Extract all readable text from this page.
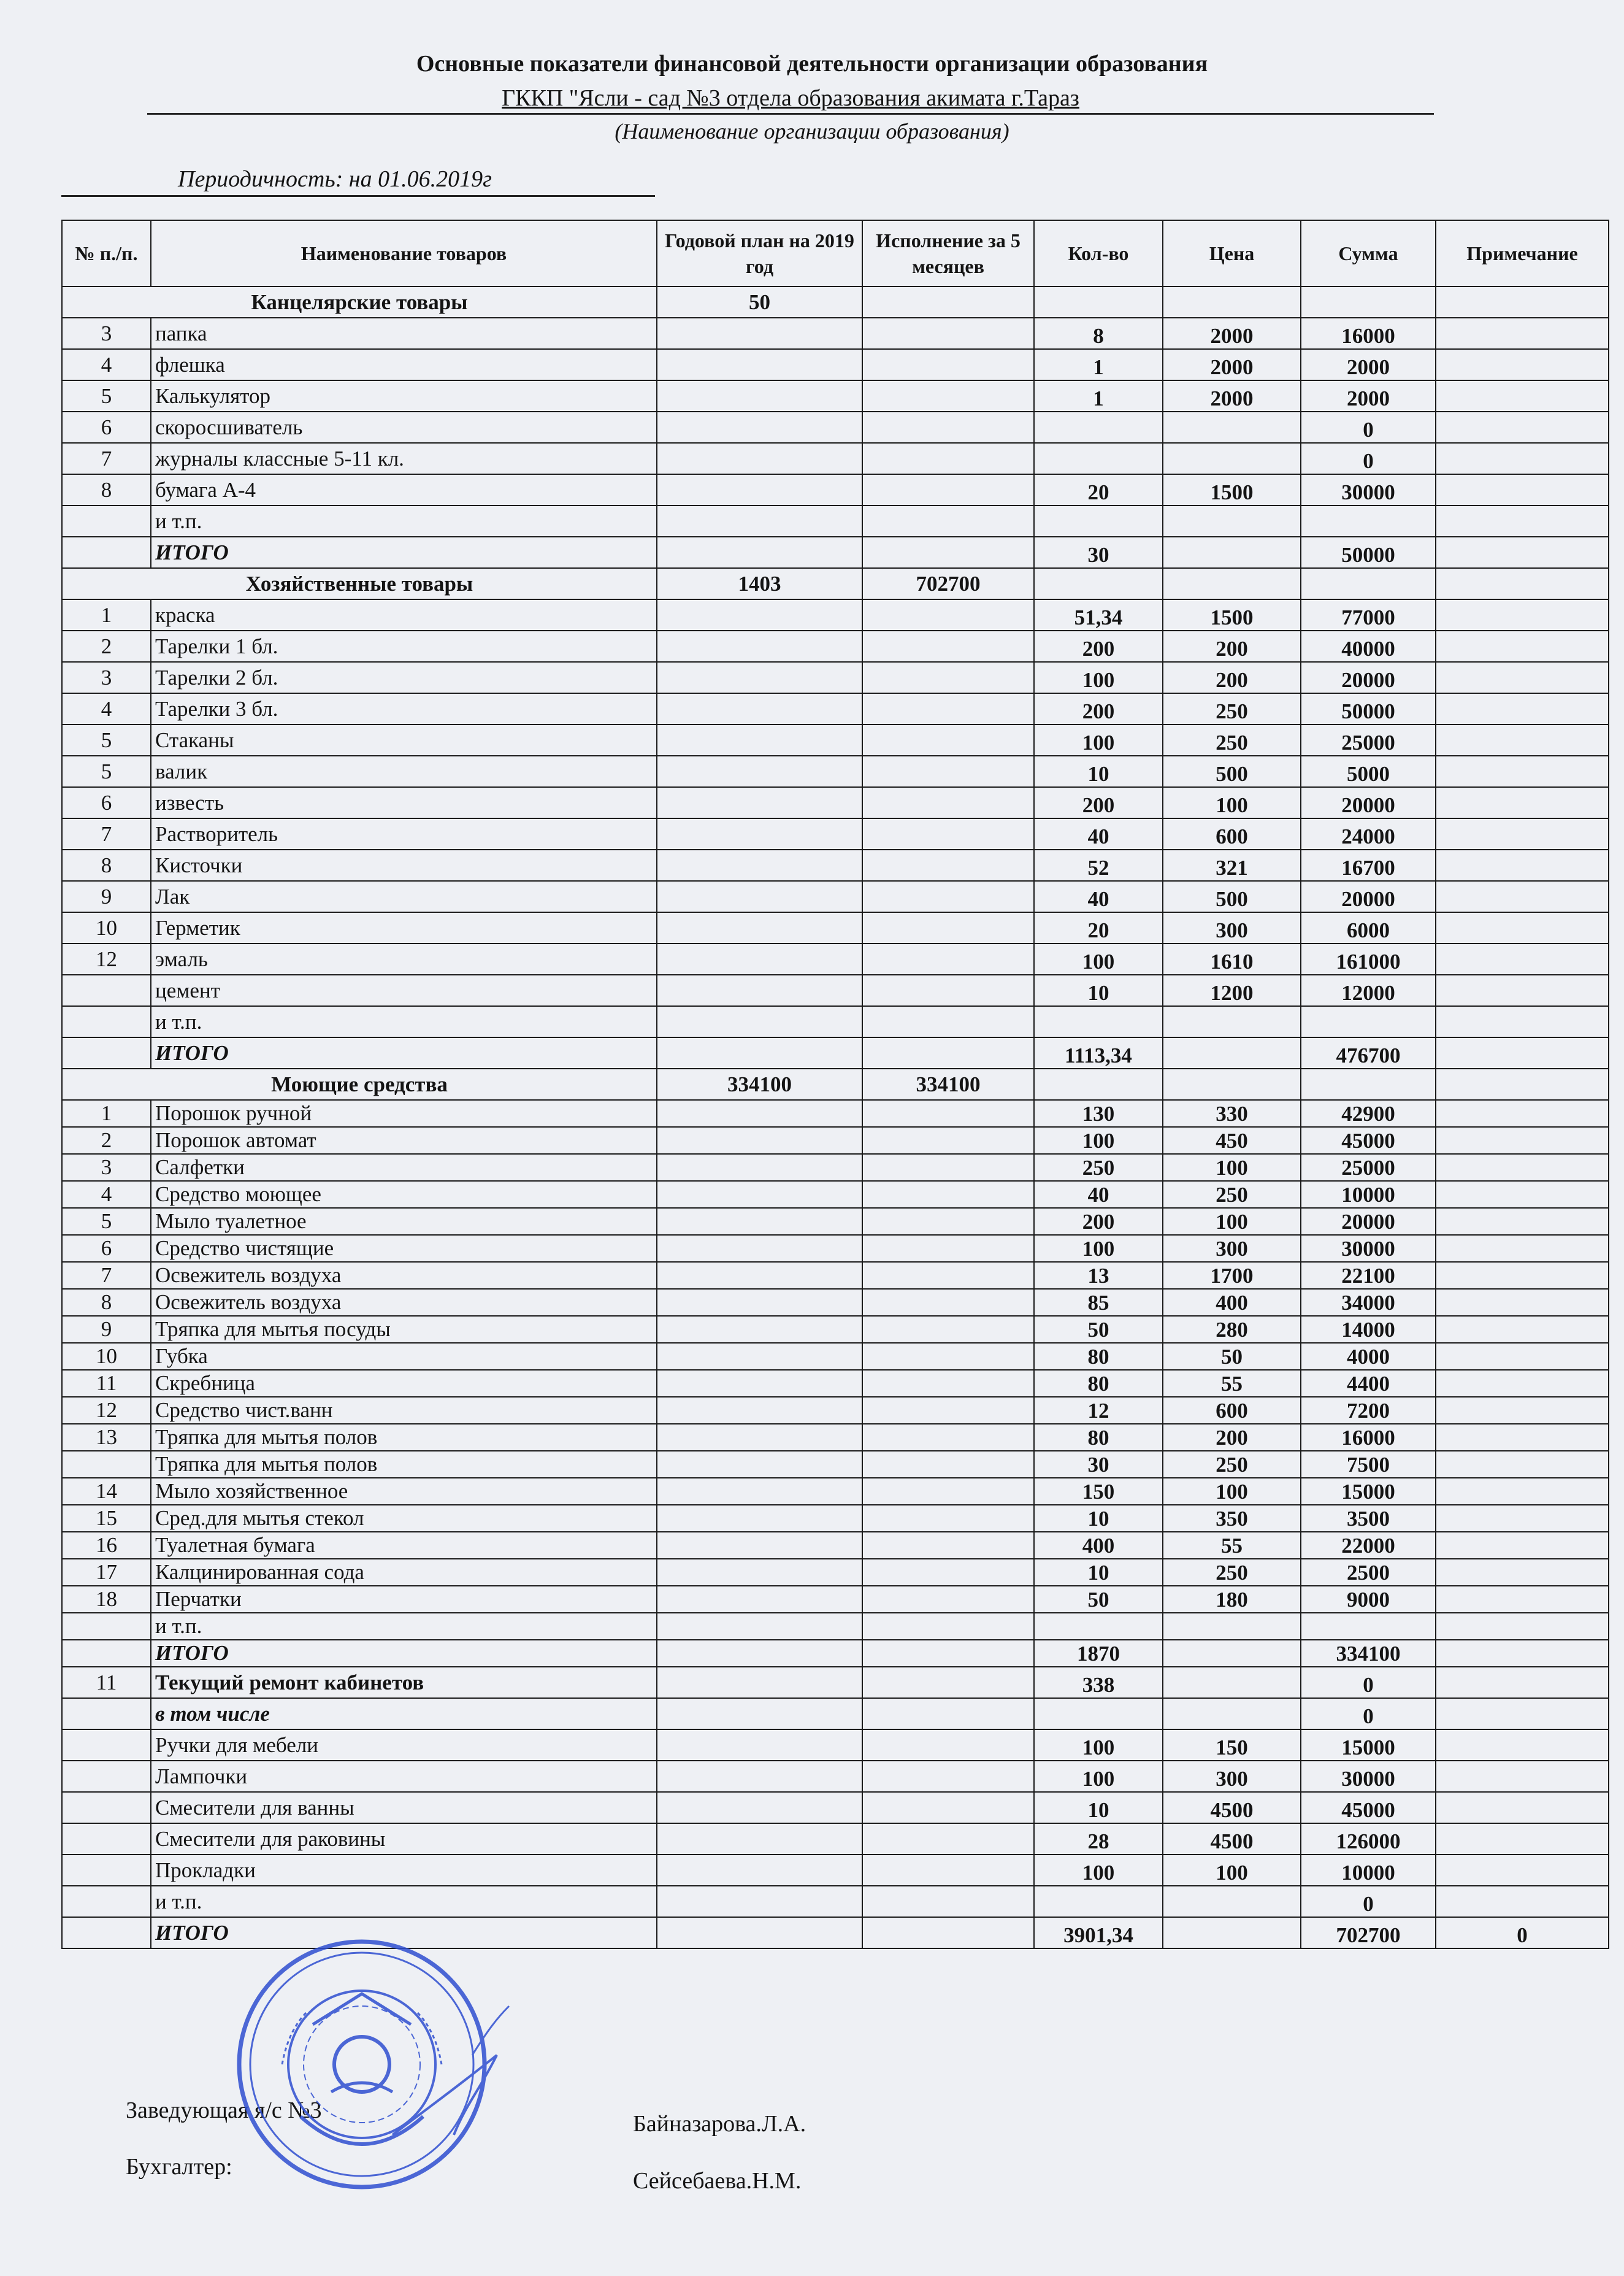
Основные показатели финансовой деятельности организации образования
ГККП "Ясли - сад №3 отдела образования акимата г.Тараз
(Наименование организации образования)
Периодичность: на 01.06.2019г
№ п./п.	Наименование товаров	Годовой план на 2019 год	Исполнение за 5 месяцев	Кол-во	Цена	Сумма	Примечание
Канцелярские товары		50					
3	папка			8	2000	16000	
4	флешка			1	2000	2000	
5	Калькулятор			1	2000	2000	
6	скоросшиватель					0	
7	журналы классные 5-11 кл.					0	
8	бумага А-4			20	1500	30000	
	и т.п.						
	ИТОГО			30		50000	
Хозяйственные товары		1403	702700				
1	краска			51,34	1500	77000	
2	Тарелки 1 бл.			200	200	40000	
3	Тарелки 2 бл.			100	200	20000	
4	Тарелки 3 бл.			200	250	50000	
5	Стаканы			100	250	25000	
5	валик			10	500	5000	
6	известь			200	100	20000	
7	Растворитель			40	600	24000	
8	Кисточки			52	321	16700	
9	Лак			40	500	20000	
10	Герметик			20	300	6000	
12	эмаль			100	1610	161000	
	цемент			10	1200	12000	
	и т.п.						
	ИТОГО			1113,34		476700	
Моющие средства		334100	334100				
1	Порошок ручной			130	330	42900	
2	Порошок автомат			100	450	45000	
3	Салфетки			250	100	25000	
4	Средство моющее			40	250	10000	
5	Мыло туалетное			200	100	20000	
6	Средство чистящие			100	300	30000	
7	Освежитель воздуха			13	1700	22100	
8	Освежитель воздуха			85	400	34000	
9	Тряпка для мытья посуды			50	280	14000	
10	Губка			80	50	4000	
11	Скребница			80	55	4400	
12	Средство чист.ванн			12	600	7200	
13	Тряпка для мытья полов			80	200	16000	
	Тряпка для мытья полов			30	250	7500	
14	Мыло хозяйственное			150	100	15000	
15	Сред.для мытья стекол			10	350	3500	
16	Туалетная бумага			400	55	22000	
17	Калцинированная сода			10	250	2500	
18	Перчатки			50	180	9000	
	и т.п.						
	ИТОГО			1870		334100	
11	Текущий ремонт кабинетов			338		0	
	в том числе					0	
	Ручки для мебели			100	150	15000	
	Лампочки			100	300	30000	
	Смесители для ванны			10	4500	45000	
	Смесители для раковины			28	4500	126000	
	Прокладки			100	100	10000	
	и т.п.					0	
	ИТОГО			3901,34		702700	0
Заведующая я/с №3
Байназарова.Л.А.
Бухгалтер:
Сейсебаева.Н.М.
